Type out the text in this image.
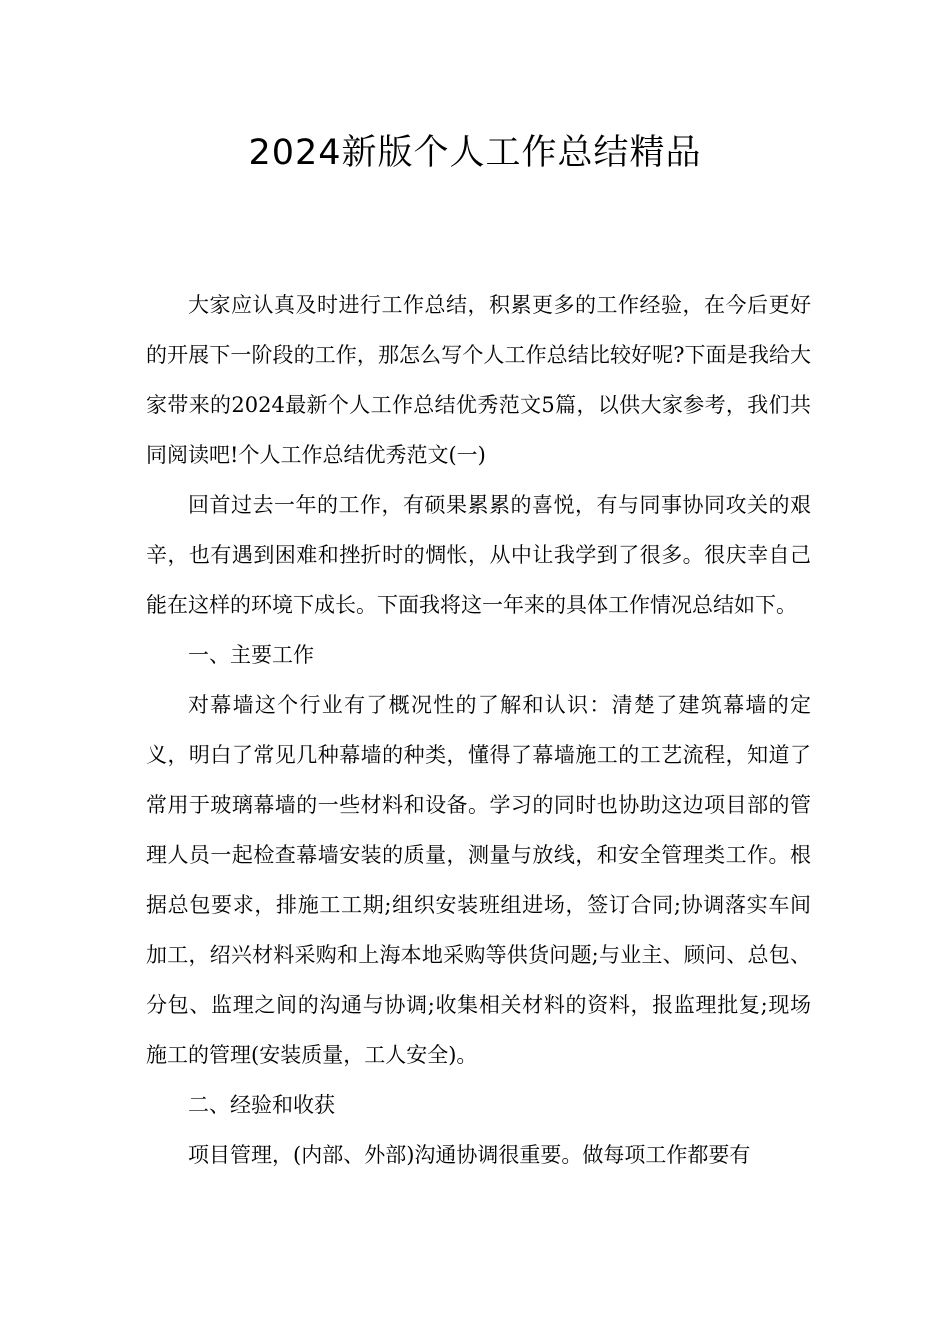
2024新版个人工作总结精品

大家应认真及时进行工作总结，积累更多的工作经验，在今后更好的开展下一阶段的工作，那怎么写个人工作总结比较好呢?下面是我给大家带来的2024最新个人工作总结优秀范文5篇，以供大家参考，我们共同阅读吧!个人工作总结优秀范文(一)

回首过去一年的工作，有硕果累累的喜悦，有与同事协同攻关的艰辛，也有遇到困难和挫折时的惆怅，从中让我学到了很多。很庆幸自己能在这样的环境下成长。下面我将这一年来的具体工作情况总结如下。

一、主要工作

对幕墙这个行业有了概况性的了解和认识：清楚了建筑幕墙的定义，明白了常见几种幕墙的种类，懂得了幕墙施工的工艺流程，知道了常用于玻璃幕墙的一些材料和设备。学习的同时也协助这边项目部的管理人员一起检查幕墙安装的质量，测量与放线，和安全管理类工作。根据总包要求，排施工工期;组织安装班组进场，签订合同;协调落实车间加工，绍兴材料采购和上海本地采购等供货问题;与业主、顾问、总包、分包、监理之间的沟通与协调;收集相关材料的资料，报监理批复;现场施工的管理(安装质量，工人安全)。

二、经验和收获

项目管理，(内部、外部)沟通协调很重要。做每项工作都要有
